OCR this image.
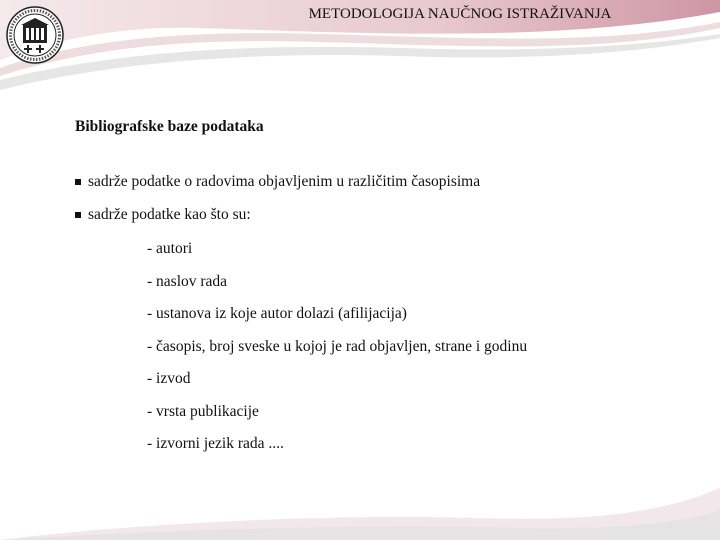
METODOLOGIJA NAUČNOG ISTRAŽIVANJA
Bibliografske baze podataka
sadrže podatke o radovima objavljenim u različitim časopisima
sadrže podatke kao što su:
- autori
- naslov rada
- ustanova iz koje autor dolazi (afilijacija)
- časopis, broj sveske u kojoj je rad objavljen, strane i godinu
- izvod
- vrsta publikacije
- izvorni jezik rada ....
